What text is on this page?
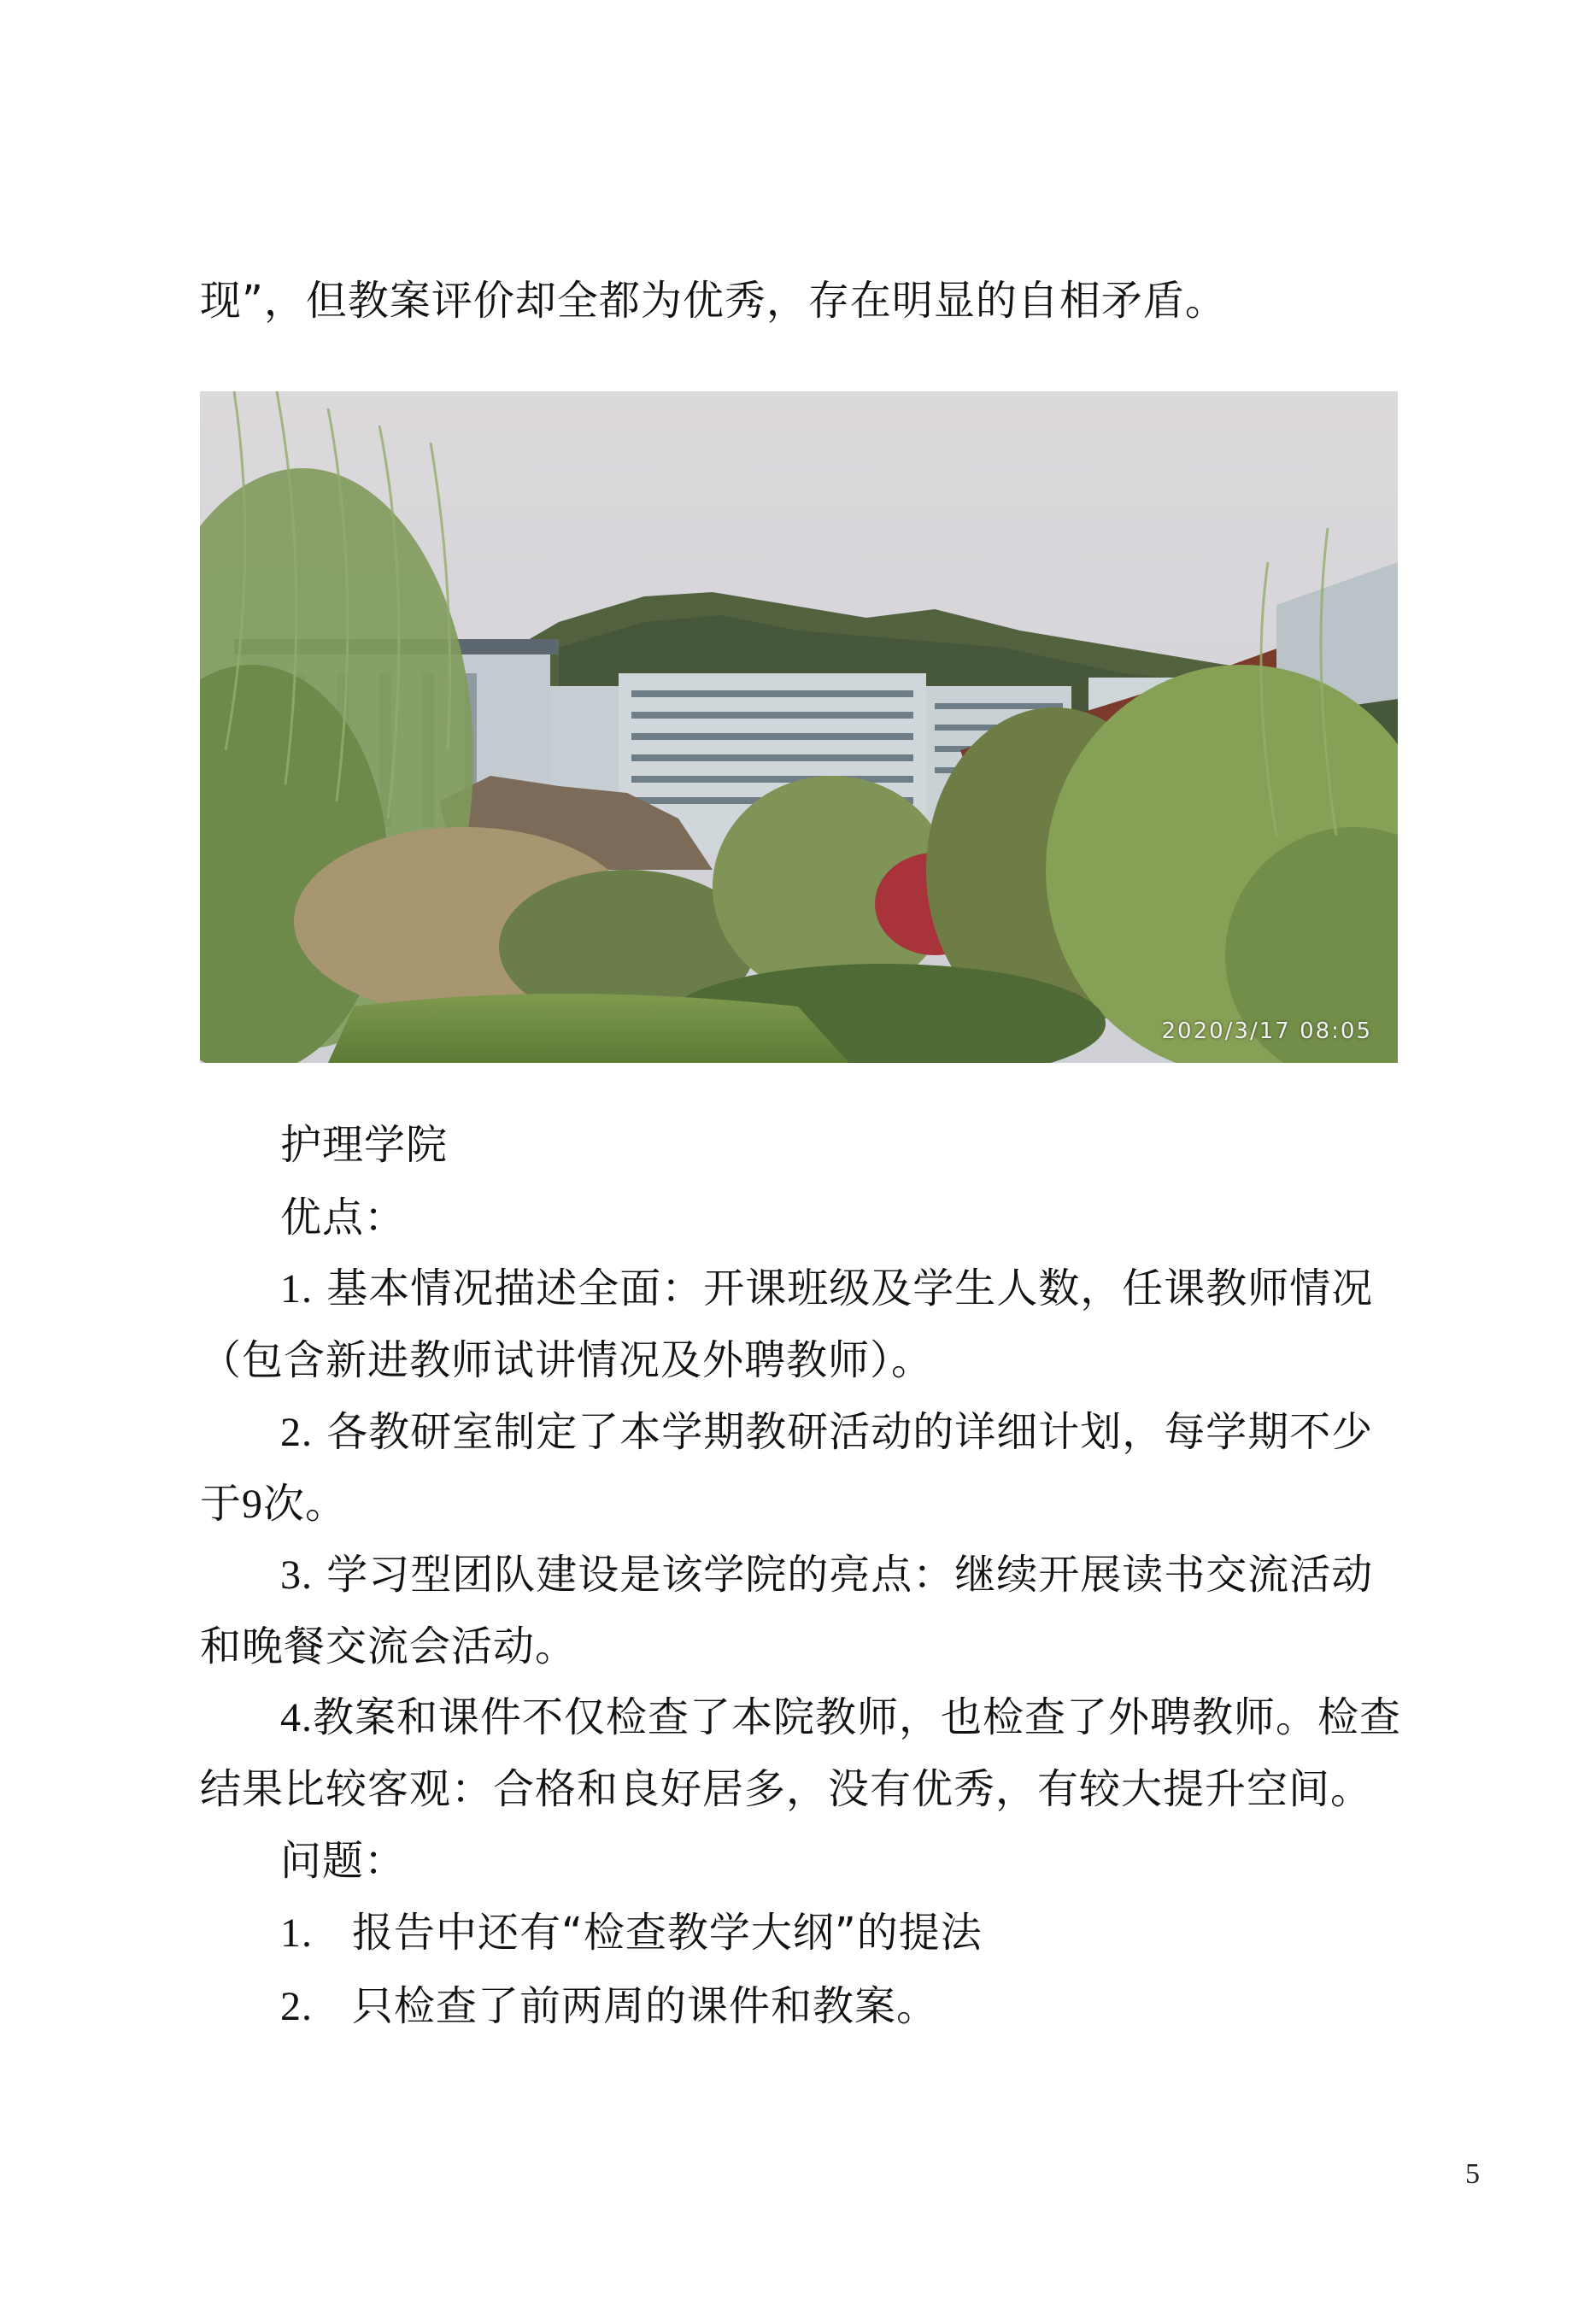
现”，但教案评价却全都为优秀，存在明显的自相矛盾。

2020/3/17 08:05

护理学院

优点：

1. 基本情况描述全面：开课班级及学生人数，任课教师情况

（包含新进教师试讲情况及外聘教师）。

2. 各教研室制定了本学期教研活动的详细计划，每学期不少

于9次。

3. 学习型团队建设是该学院的亮点：继续开展读书交流活动

和晚餐交流会活动。

4.教案和课件不仅检查了本院教师，也检查了外聘教师。检查

结果比较客观：合格和良好居多，没有优秀，有较大提升空间。

问题：

1. 报告中还有“检查教学大纲”的提法

2. 只检查了前两周的课件和教案。

5
